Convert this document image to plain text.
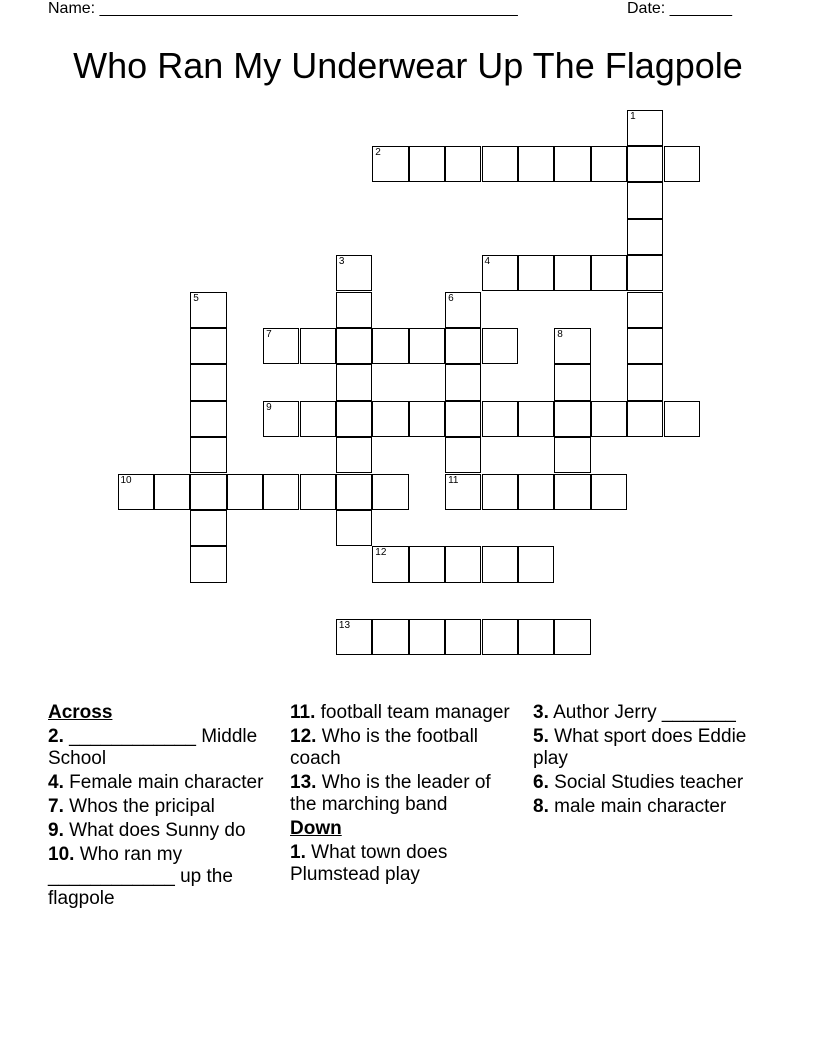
Name: _______________________________________________	Date: _______
Who Ran My Underwear Up The Flagpole
1
2
3	4
5	6
11
7	8
9
10
12
13
Across
2. ____________ Middle School
4. Female main character
7. Whos the pricipal
9. What does Sunny do
10. Who ran my ____________ up the flagpole
11. football team manager
12. Who is the football coach
13. Who is the leader of the marching band
Down
1. What town does Plumstead play
3. Author Jerry _______
5. What sport does Eddie play
6. Social Studies teacher
8. male main character
